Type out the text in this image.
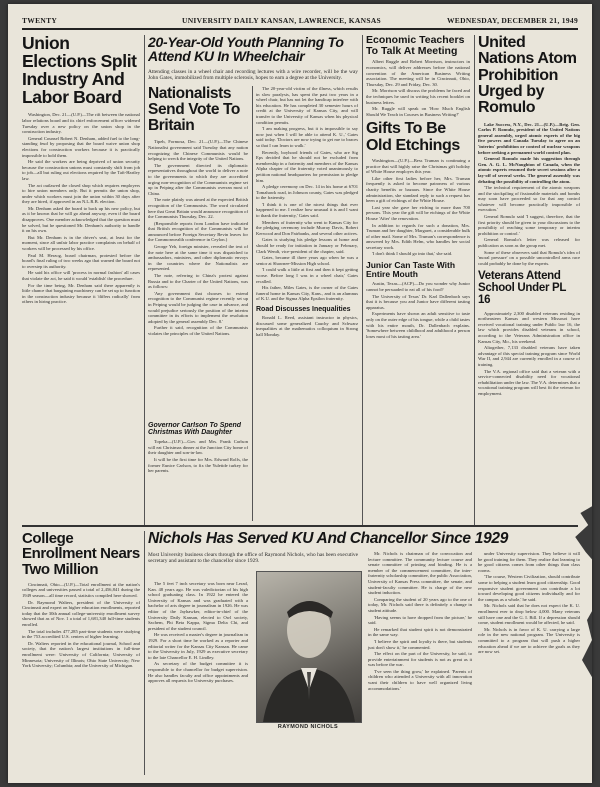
TWENTY	UNIVERSITY DAILY KANSAN, LAWRENCE, KANSAS	WEDNESDAY, DECEMBER 21, 1949
Union Elections Split Industry And Labor Board

Washington, Dec. 21—(U.P.)—The rift between the national labor relations board and its chief enforcement officer widened Tuesday over a new policy on the union shop in the construction industry.

General Counsel Robert N. Denham, added fuel to the long-standing feud by proposing that the board waive union shop elections for construction workers because it is practically impossible to hold them.

He said the workers are being deprived of union security because the construction unions must constantly shift from job to job—all but ruling out elections required by the Taft-Hartley law.

The act outlawed the closed shop which requires employers to hire union members only. But it permits the union shop, under which workers must join the union within 30 days after they are hired, if approved in an N.L.R.B. election.

Mr. Denham asked the board to back up his new policy, but as it be known that he will go ahead anyway, even if the board disapproves. One member acknowledged that the question must be solved, but he questioned Mr. Denham's authority to handle it on his own.

But Mr. Denham is in the driver's seat, at least for the moment, since all unfair labor practice complaints on behalf of workers will be processed by his office.

Paul M. Herzog, board chairman, protested before the board's final ruling of two weeks ago that warned the board not to overstep its authority.

He said his office will 'process in normal fashion' all cases that violate the act, he said it would 'establish' the procedure.

For the time being, Mr. Denham said there apparently is little chance that bargaining machinery can be set up to function in the construction industry because it 'differs radically' from others in hiring practice.

20-Year-Old Youth Planning To Attend KU In Wheelchair
Attending classes in a wheel chair and recording lectures with a wire recorder, will be the way John Gates, immobilized from multiple sclerosis, hopes to earn a degree at the University.
Nationalists Send Vote To Britain

Tipeh, Formosa, Dec. 21—(U.P.)—The Chinese Nationalist government said Tuesday that any nation recognizing the Chinese Communists would be helping to wreck the integrity of the United Nations.

The government directed its diplomatic representatives throughout the world to deliver a note to the governments to which they are accredited urging non-recognition of the Communists regime set up in Peiping after the Communists overran most of China.

The note plainly was aimed at the expected British recognition of the Communists. The word circulated here that Great Britain would announce recognition of the Communists Thursday, Dec. 22.

(Responsible reports from London have indicated that British recognition of the Communists will be announced before Foreign Secretary Bevin leaves for the Commonwealth conference in Ceylon.)

George Yeh, foreign minister, revealed the text of the note here at the same time it was dispatched to ambassadors, ministers, and other diplomatic envoys in the countries where the Nationalists are represented.

The note, referring to China's protest against Russia and to the Charter of the United Nations, was as follows:

'Any government that chooses to extend recognition to the Communist regime recently set up in Peiping would be judging the case in advance, and would prejudice seriously the position of the interim committee in its efforts to implement the resolution adopted by the general assembly Dec. 8.'

Further it said, recognition of the Communists violates the principles of the United Nations.

Governor Carlson To Spend Christmas With Daughter

Topeka—(U.P.)—Gov. and Mrs. Frank Carlson will eat Christmas dinner at the Junction City home of their daughter and son-in-law.

It will be the first time for Mrs. Edward Rolfs, the former Eunice Carlson, to fix the Yuletide turkey for her parents.

The 20-year-old victim of the illness, which results in slow paralysis, has spent the past two years in a wheel chair, but has not let the handicap interfere with his education. He has completed 30 semester hours of credit at the University of Kansas City, and will transfer to the University of Kansas when his physical condition permits.

'I am making progress, but it is impossible to say now just when I will be able to attend K. U.,' Gates said today. 'Doctors are now trying to get me to braces so that I can learn to walk.'

Recently, boyhood friends of Gates, who are Sig Eps decided that he should not be excluded from membership in a fraternity and members of the Kansas Alpha chapter of the fraternity voted unanimously to petition national headquarters for permission to pledge him.

A pledge ceremony on Dec. 14 in his home at 6701 Tomahawk road, in Johnson county, Gates was pledged to the fraternity.

'I think it is one of the nicest things that ever happened to me. I realize how unusual it is and I want to thank the fraternity,' Gates said.

Members of fraternity who went to Kansas City for the pledging ceremony include Murray Davis, Robert Kerwood and Don Fairbanks, and several other actives.

Gates is studying his pledge lessons at home and should be ready for initiation in January or February, Clark Wendt, vice-president of the chapter, said.

Gates, became ill three years ago when he was a senior at Shawnee-Mission High school.

'I could walk a little at first and then it kept getting worse. Before long I was in a wheel chair,' Gates recalled.

His father, Miles Gates, is the owner of the Gates funeral home in Kansas City, Kans., and is an alumnus of K.U. and the Sigma Alpha Epsilon fraternity.

Road Discusses Inequalities

Ronald L. Reed, assistant instructor in physics, discussed some generalized Cauchy and Schwarz inequalities at the mathematics colloquium in Strong hall Monday.

Economic Teachers To Talk At Meeting

Albert Ruggle and Robert Morrison, instructors in economics, will deliver addresses before the national convention of the American Business Writing association. The meeting will be in Cincinnati, Ohio, Thursday, Dec. 29 and Friday, Dec. 30.

Mr. Morrison will discuss the problems he faced and the techniques he used in writing his recent booklet on business letters.

Mr. Ruggle will speak on 'How Much English Should We Teach in Courses in Business Writing?'

Gifts To Be Old Etchings

Washington—(U.P.)—Bess Truman is continuing a practice that will highly raise the Christmas gift holiday of White House employes this year.

Like other first ladies before her, Mrs. Truman frequently is asked to become patroness of various charity benefits or bazaars. Since the White House administration, she standard reply to such a request has been a gift of etchings of the White House.

Last year she gave her etching to more than 700 persons. This year the gift will be etchings of the White House 'After' the renovation.

In addition to regards for such a donation, Mrs. Truman and her daughter, Margaret, a considerable bulk of other mail. Some of Mrs. Truman's correspondence is answered by Mrs. Edith Helm, who handles her social secretary work.

'I don't think I should go into that,' she said.

Junior Can Taste With Entire Mouth

Austin, Texas—(ACP)—Do you wonder why Junior cannot be persuaded to eat all of his food?

The University of Texas' Dr. Karl Dallenbach says that it is because you and Junior have different tasting apparatus.

Experiments have shown an adult sensitive to taste only on the outer edge of his tongue, while a child tastes with his entire mouth, Dr. Dallenbach explains. 'Somewhere between childhood and adulthood a person loses most of his tasting area.'

United Nations Atom Prohibition Urged by Romulo

Lake Success, N.Y., Dec. 21—(U.P.)—Brig. Gen. Carlos P. Romulo, president of the United Nations general assembly, urged atomic experts of the big five powers and Canada Tuesday to agree on an 'interim' prohibition or control of nuclear weapons before seeking a permanent world control plan.

General Romulo made his suggestion through Gen. A. G. L. McNaughton of Canada, when the atomic experts resumed their secret sessions after a lay-off of several weeks. The general assembly was debating the possibility of controlling the atom.

'The technical requirement of the atomic weapons and the stockpiling of fissionable materials and bombs may soon have proceeded so far that any control whatever will become practically impossible of execution.'

General Romulo said 'I suggest, therefore, that the first priority should be given to your discussions to the possibility of reaching some temporary or interim prohibition or control.'

General Romulo's letter was released for publication as soon as the group met.

Some of these observers said that Romulo's idea of 'moral pressure' on a possible uncontrolled arms race could probably be done by the experts.

Veterans Attend School Under PL 16

Approximately 2,300 disabled veterans residing in northeastern Kansas and western Missouri have received vocational training under Public law 16, the law which provides disabled veterans in school, according to the Veterans Administration office in Kansas City, Mo., his weekend.

Altogether, 7,133 disabled veterans have taken advantage of this special training program since World War II, and 2,944 are currently enrolled in a course of training.

The V.A. regional office said that a veteran with a service-connected disability need for vocational rehabilitation under the law. The V.A. determines that a vocational training program will best fit the veteran for employment.

College Enrollment Nears Two Million

Cincinnati, Ohio—(U.P.)—Total enrollment at the nation's colleges and universities passed a total of 2,456,841 during the 1949 season—all time record, statistics compiled here showed.

Dr. Raymond Walters, president of the University of Cincinnati and expert on higher education enrollments, reported today that the 30th annual college-university enrollment survey showed that as of Nov. 1 a total of 1,681,340 full-time students enrolled.

The total includes 477,285 part-time students were studying in the 753 accredited U.S. centers of higher learning.

Dr. Walters reported in the educational journal, School and society, that the nation's largest institutions in full-time enrollment were: University of California; University of Minnesota; University of Illinois; Ohio State University; New York University; Columbia; and the University of Michigan.

Nichols Has Served KU And Chancellor Since 1929
Most University business clears through the office of Raymond Nichols, who has been executive secretary and assistant to the chancellor since 1929.

The 5 feet 7 inch secretary was born near Lerad, Kan. 48 years ago. He was valedictorian of his high school graduating class. In 1922 he entered the University of Kansas and was graduated with a bachelor of arts degree in journalism in 1926. He was editor of the Jayhawker, editor-in-chief of the University Daily Kansan, elected to Owl society, Sachem, Phi Beta Kappa, Sigma Delta Chi, and president of the student council.

He was received a master's degree in journalism in 1929. For a short time he worked as a reporter and editorial writer for the Kansas City Kansan. He came to the University in July, 1929 as executive secretary to the late Chancellor E. H. Lindley.

As secretary of the budget committee it is responsible to the chancellor for budget supervision. He also handles faculty and office appointments and approves all requests for University purchases.

RAYMOND NICHOLS

Mr. Nichols is chairman of the convocation and lecture committee. The community lecture course and senate committee of printing and binding. He is a member of the commencement committee, the inter-fraternity scholarship committee, the public Association, University of Kansas Press committee, the senate, and student-faculty committee. He is charge of the new student induction.

Comparing the student of 20 years ago to the one of today, Mr. Nichols said there is definitely a change in student attitude.

'Having seems to have dropped from the picture,' he said.

He remarked that student spirit is not demonstrated in the same way.

'I believe the spirit and loyalty is there, but students just don't show it,' he commented.

The effect on the part of the University, he said, to provide entertainment for students is not as great as it was before the war.

'I've seen the thing grow,' he explained. 'Parents of children who attended a University with all innovation want their children to have well organized living accommodations.'

under University supervision. They believe it will be good training for them. They realize that learning to be good citizens comes from other things than class rooms.

'The course, Western Civilization, should contribute some to helping a student learn good citizenship. Good responsive student government can contribute a lot toward developing good citizens individually and for the campus as a whole,' he said.

Mr. Nichols said that he does not expect the K. U. enrollment ever to drop below 4,000. Many veterans still have one and the G. I. Bill. If a depression should come, student enrollment would be affected, he said.

Mr. Nichols is in favor of K. U. carrying a large role in the new national program. The University is committed to a program that will push a higher education ahead if we are to achieve the goals as they are now set.
